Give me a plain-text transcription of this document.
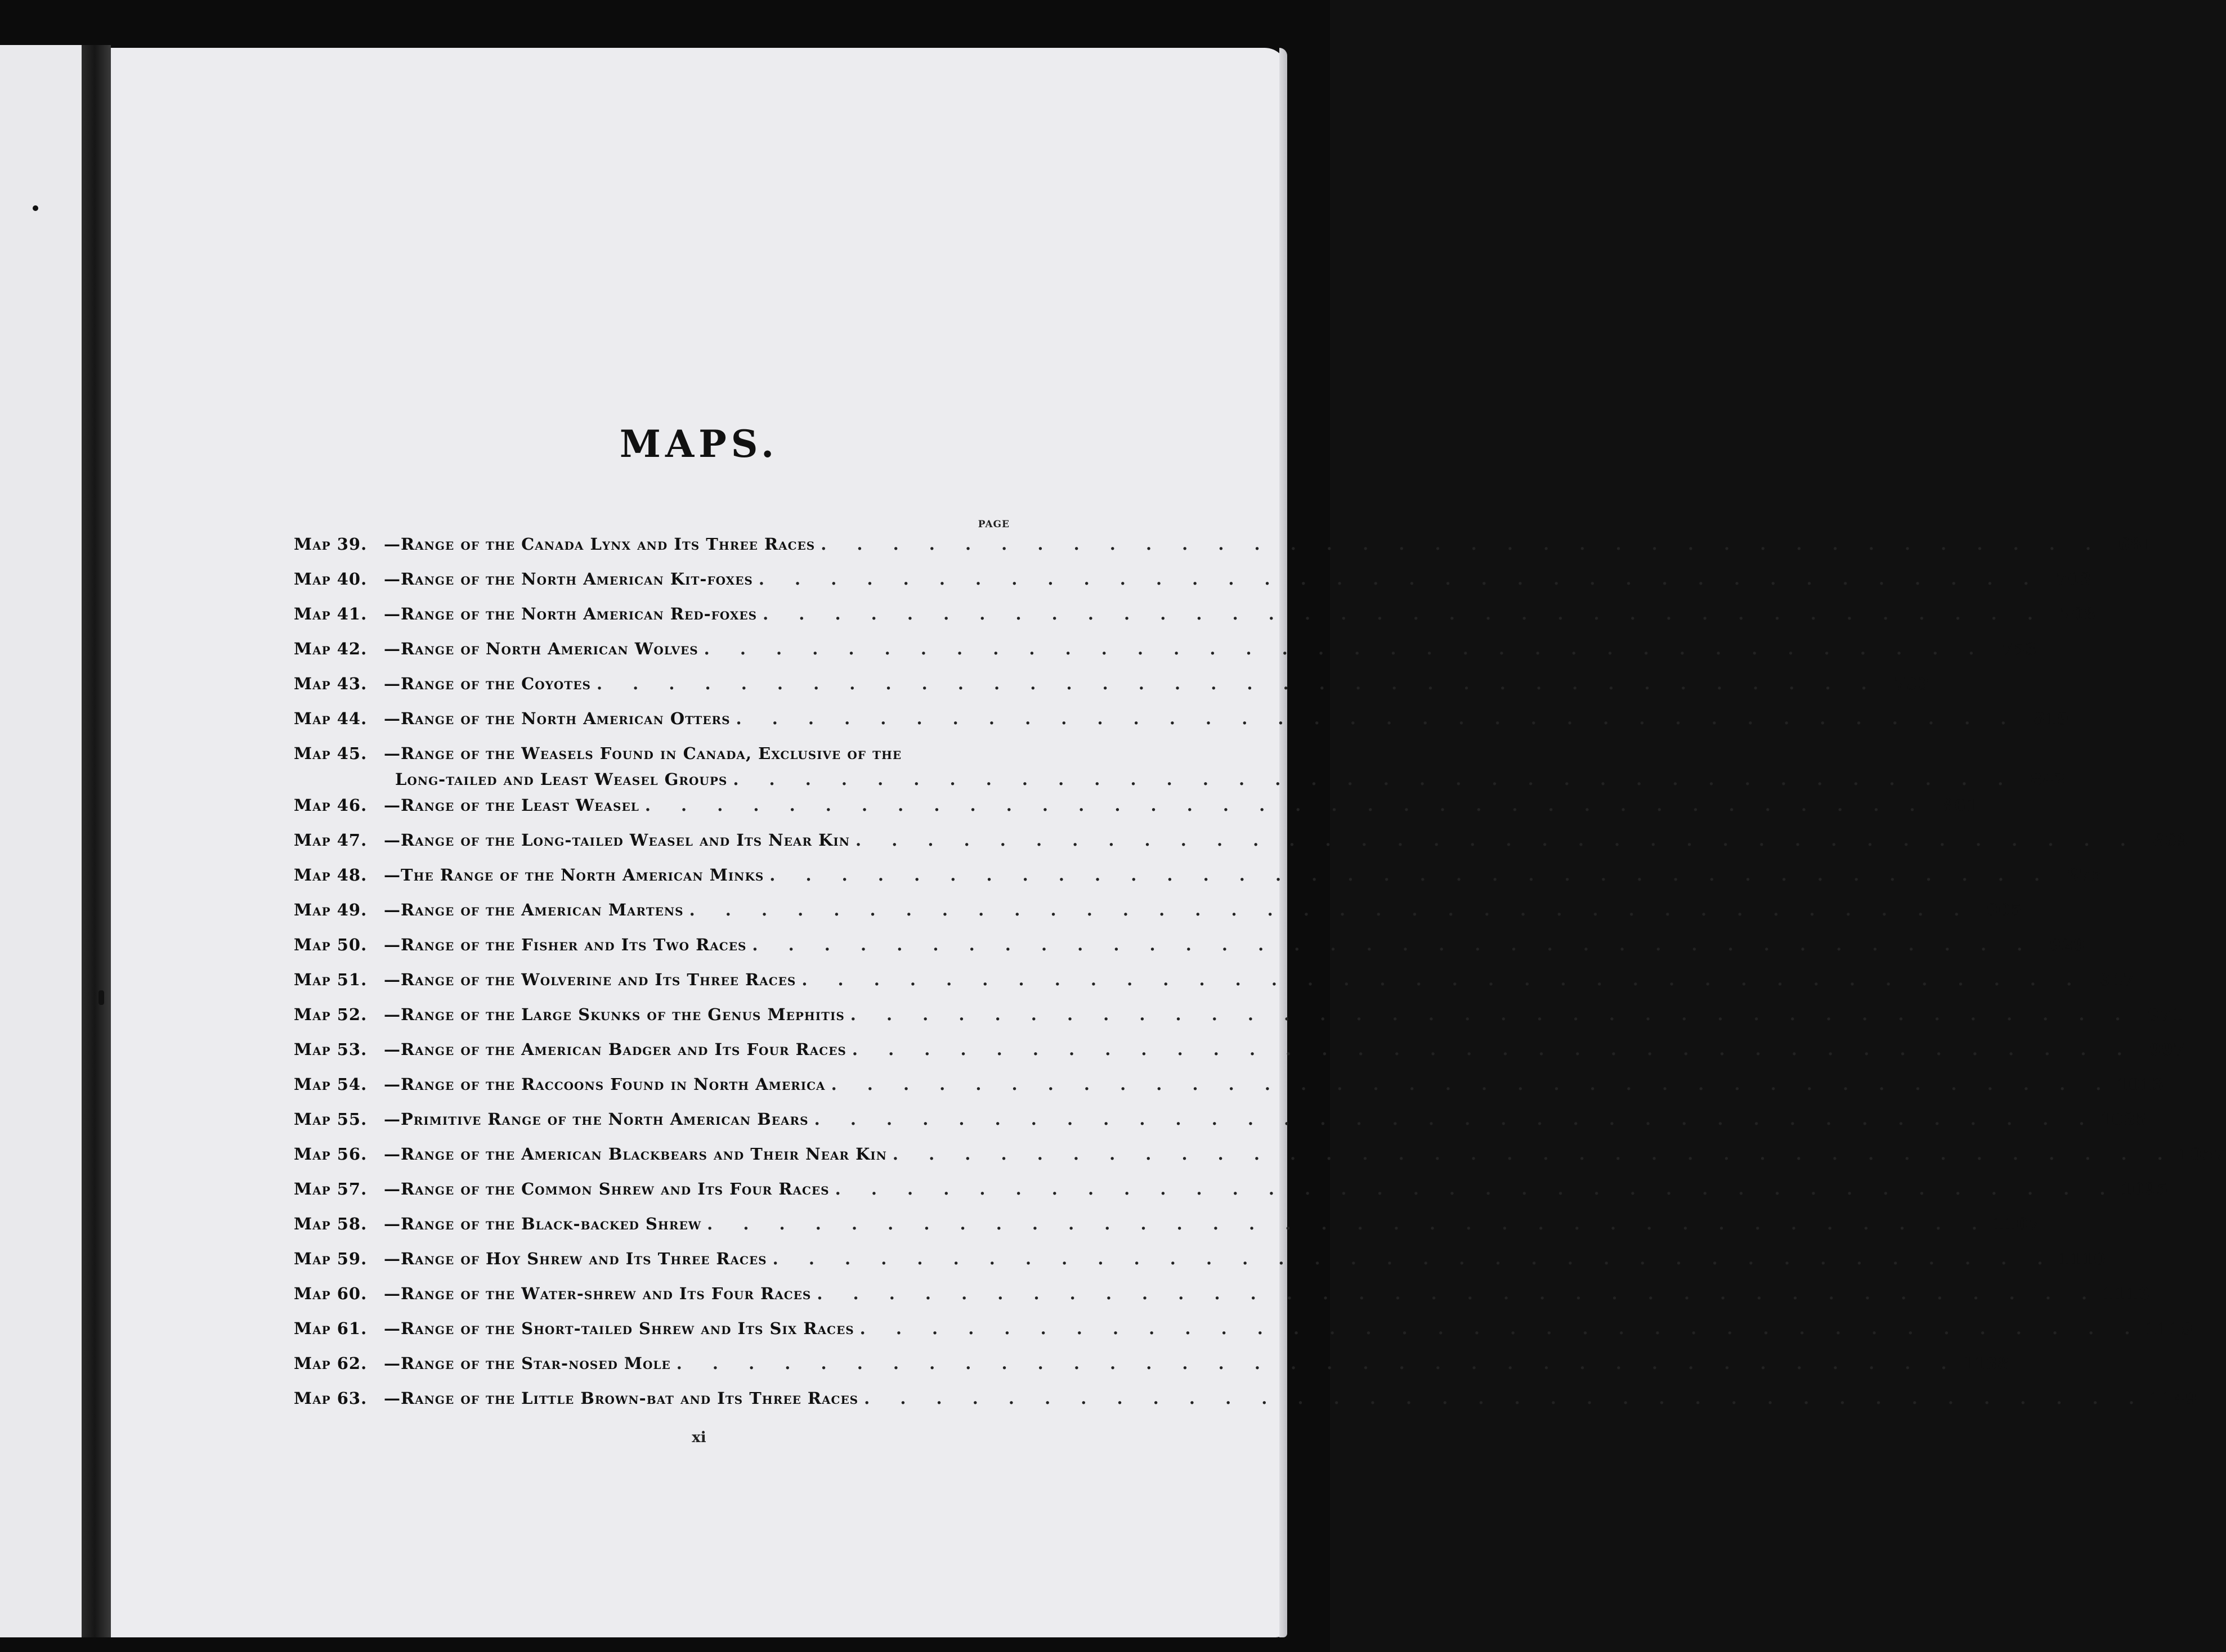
MAPS.
PAGE
Map 39.	—Range of the Canada Lynx and Its Three Races . . . . . . . . . . . . . . . . . . . . . . . . . . . . . . . . . . . . 681
Map 40.	—Range of the North American Kit-foxes . . . . . . . . . . . . . . . . . . . . . . . . . . . . . . . . . . . . 703
Map 41.	—Range of the North American Red-foxes . . . . . . . . . . . . . . . . . . . . . . . . . . . . . . . . . . . . 708
Map 42.	—Range of North American Wolves . . . . . . . . . . . . . . . . . . . . . . . . . . . . . . . . . . . . 753
Map 43.	—Range of the Coyotes . . . . . . . . . . . . . . . . . . . . . . . . . . . . . . . . . . . . 793
Map 44.	—Range of the North American Otters . . . . . . . . . . . . . . . . . . . . . . . . . . . . . . . . . . . . 819
Map 45.	—Range of the Weasels Found in Canada, Exclusive of the
Long-tailed and Least Weasel Groups . . . . . . . . . . . . . . . . . . . . . . . . . . . . . . . . . . . . 842
Map 46.	—Range of the Least Weasel . . . . . . . . . . . . . . . . . . . . . . . . . . . . . . . . . . . . 861
Map 47.	—Range of the Long-tailed Weasel and Its Near Kin . . . . . . . . . . . . . . . . . . . . . . . . . . . . . . . . . . . . 869
Map 48.	—The Range of the North American Minks . . . . . . . . . . . . . . . . . . . . . . . . . . . . . . . . . . . . 875
Map 49.	—Range of the American Martens . . . . . . . . . . . . . . . . . . . . . . . . . . . . . . . . . . . . 905
Map 50.	—Range of the Fisher and Its Two Races . . . . . . . . . . . . . . . . . . . . . . . . . . . . . . . . . . . . 929
Map 51.	—Range of the Wolverine and Its Three Races . . . . . . . . . . . . . . . . . . . . . . . . . . . . . . . . . . . . 947
Map 52.	—Range of the Large Skunks of the Genus Mephitis . . . . . . . . . . . . . . . . . . . . . . . . . . . . . . . . . . . . 971
Map 53.	—Range of the American Badger and Its Four Races . . . . . . . . . . . . . . . . . . . . . . . . . . . . . . . . . . . . 997
Map 54.	—Range of the Raccoons Found in North America . . . . . . . . . . . . . . . . . . . . . . . . . . . . . . . . . . . . 1013
Map 55.	—Primitive Range of the North American Bears . . . . . . . . . . . . . . . . . . . . . . . . . . . . . . . . . . . . 1035
Map 56.	—Range of the American Blackbears and Their Near Kin . . . . . . . . . . . . . . . . . . . . . . . . . . . . . . . . . . . . 1057
Map 57.	—Range of the Common Shrew and Its Four Races . . . . . . . . . . . . . . . . . . . . . . . . . . . . . . . . . . . . 1095
Map 58.	—Range of the Black-backed Shrew . . . . . . . . . . . . . . . . . . . . . . . . . . . . . . . . . . . . 1107
Map 59.	—Range of Hoy Shrew and Its Three Races . . . . . . . . . . . . . . . . . . . . . . . . . . . . . . . . . . . . 1110
Map 60.	—Range of the Water-shrew and Its Four Races . . . . . . . . . . . . . . . . . . . . . . . . . . . . . . . . . . . . 1113
Map 61.	—Range of the Short-tailed Shrew and Its Six Races . . . . . . . . . . . . . . . . . . . . . . . . . . . . . . . . . . . . 1119
Map 62.	—Range of the Star-nosed Mole . . . . . . . . . . . . . . . . . . . . . . . . . . . . . . . . . . . . 1138
Map 63.	—Range of the Little Brown-bat and Its Three Races . . . . . . . . . . . . . . . . . . . . . . . . . . . . . . . . . . . . 1149
xi
